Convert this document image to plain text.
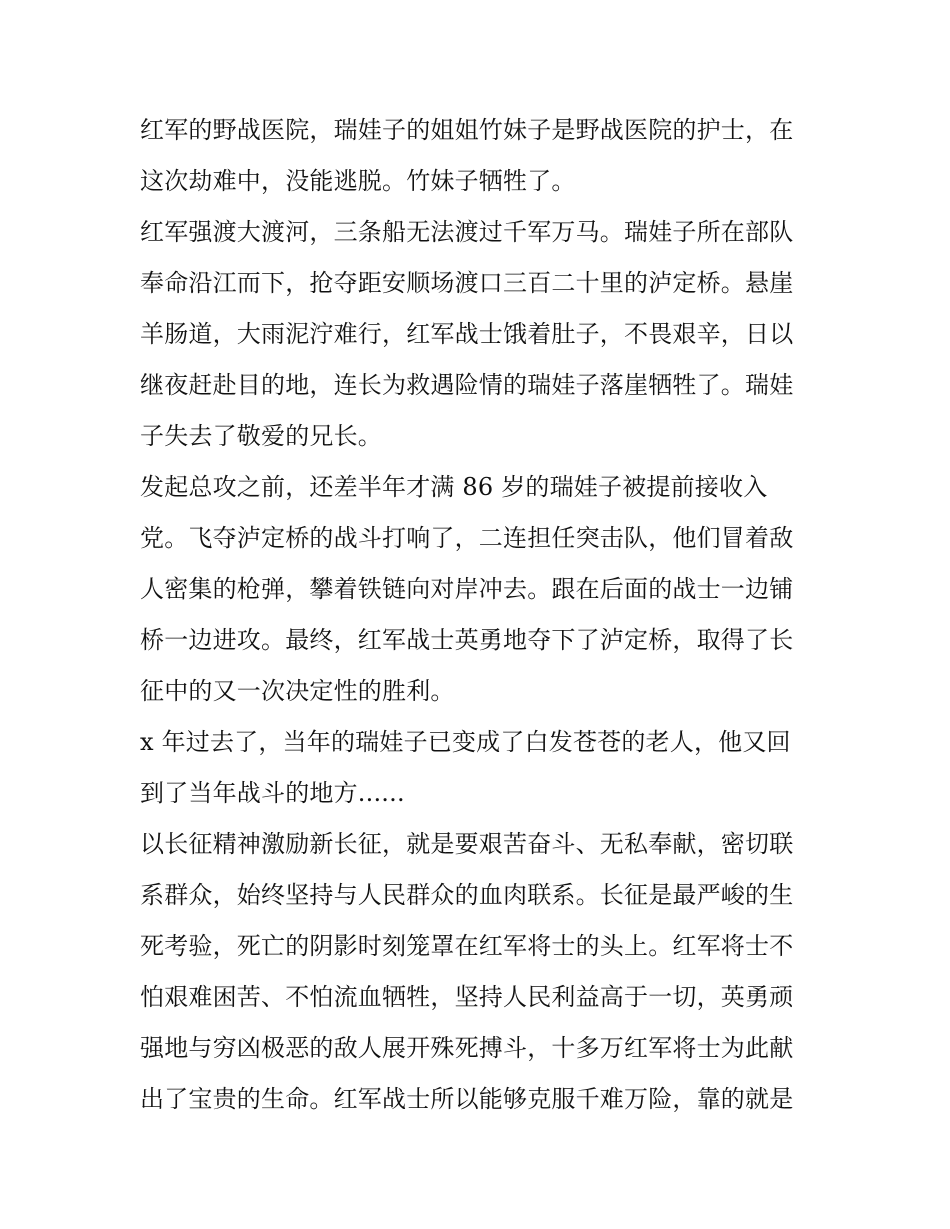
红军的野战医院，瑞娃子的姐姐竹妹子是野战医院的护士，在
这次劫难中，没能逃脱。竹妹子牺牲了。
红军强渡大渡河，三条船无法渡过千军万马。瑞娃子所在部队
奉命沿江而下，抢夺距安顺场渡口三百二十里的泸定桥。悬崖
羊肠道，大雨泥泞难行，红军战士饿着肚子，不畏艰辛，日以
继夜赶赴目的地，连长为救遇险情的瑞娃子落崖牺牲了。瑞娃
子失去了敬爱的兄长。
发起总攻之前，还差半年才满 86 岁的瑞娃子被提前接收入
党。飞夺泸定桥的战斗打响了，二连担任突击队，他们冒着敌
人密集的枪弹，攀着铁链向对岸冲去。跟在后面的战士一边铺
桥一边进攻。最终，红军战士英勇地夺下了泸定桥，取得了长
征中的又一次决定性的胜利。
x 年过去了，当年的瑞娃子已变成了白发苍苍的老人，他又回
到了当年战斗的地方......
以长征精神激励新长征，就是要艰苦奋斗、无私奉献，密切联
系群众，始终坚持与人民群众的血肉联系。长征是最严峻的生
死考验，死亡的阴影时刻笼罩在红军将士的头上。红军将士不
怕艰难困苦、不怕流血牺牲，坚持人民利益高于一切，英勇顽
强地与穷凶极恶的敌人展开殊死搏斗，十多万红军将士为此献
出了宝贵的生命。红军战士所以能够克服千难万险，靠的就是
